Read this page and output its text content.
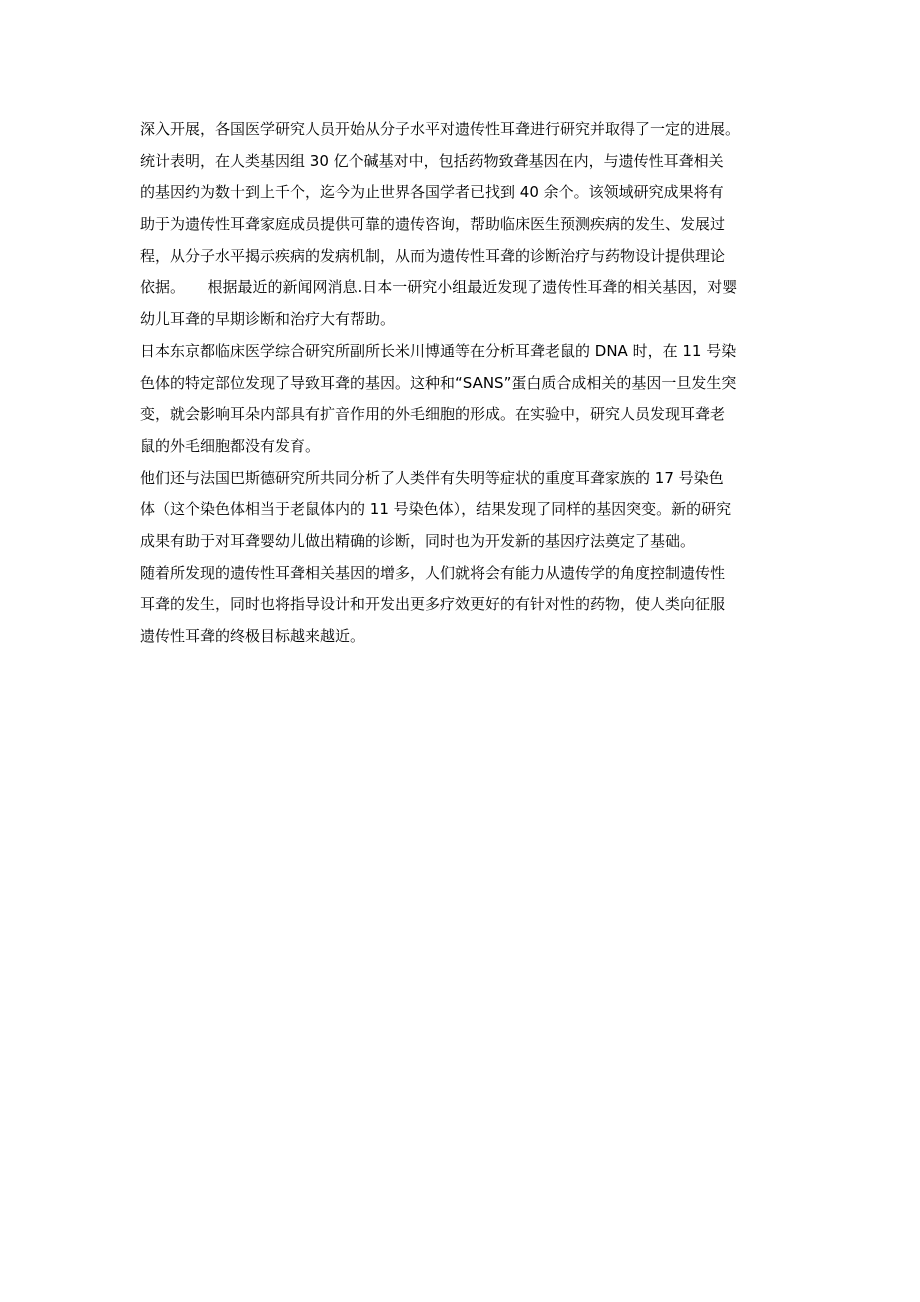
深入开展，各国医学研究人员开始从分子水平对遗传性耳聋进行研究并取得了一定的进展。
统计表明，在人类基因组 30 亿个碱基对中，包括药物致聋基因在内，与遗传性耳聋相关
的基因约为数十到上千个，迄今为止世界各国学者已找到 40 余个。该领域研究成果将有
助于为遗传性耳聋家庭成员提供可靠的遗传咨询，帮助临床医生预测疾病的发生、发展过
程，从分子水平揭示疾病的发病机制，从而为遗传性耳聋的诊断治疗与药物设计提供理论
依据。　　根据最近的新闻网消息.日本一研究小组最近发现了遗传性耳聋的相关基因，对婴
幼儿耳聋的早期诊断和治疗大有帮助。
日本东京都临床医学综合研究所副所长米川博通等在分析耳聋老鼠的 DNA 时，在 11 号染
色体的特定部位发现了导致耳聋的基因。这种和“SANS”蛋白质合成相关的基因一旦发生突
变，就会影响耳朵内部具有扩音作用的外毛细胞的形成。在实验中，研究人员发现耳聋老
鼠的外毛细胞都没有发育。
他们还与法国巴斯德研究所共同分析了人类伴有失明等症状的重度耳聋家族的 17 号染色
体（这个染色体相当于老鼠体内的 11 号染色体），结果发现了同样的基因突变。新的研究
成果有助于对耳聋婴幼儿做出精确的诊断，同时也为开发新的基因疗法奠定了基础。
随着所发现的遗传性耳聋相关基因的增多，人们就将会有能力从遗传学的角度控制遗传性
耳聋的发生，同时也将指导设计和开发出更多疗效更好的有针对性的药物，使人类向征服
遗传性耳聋的终极目标越来越近。
